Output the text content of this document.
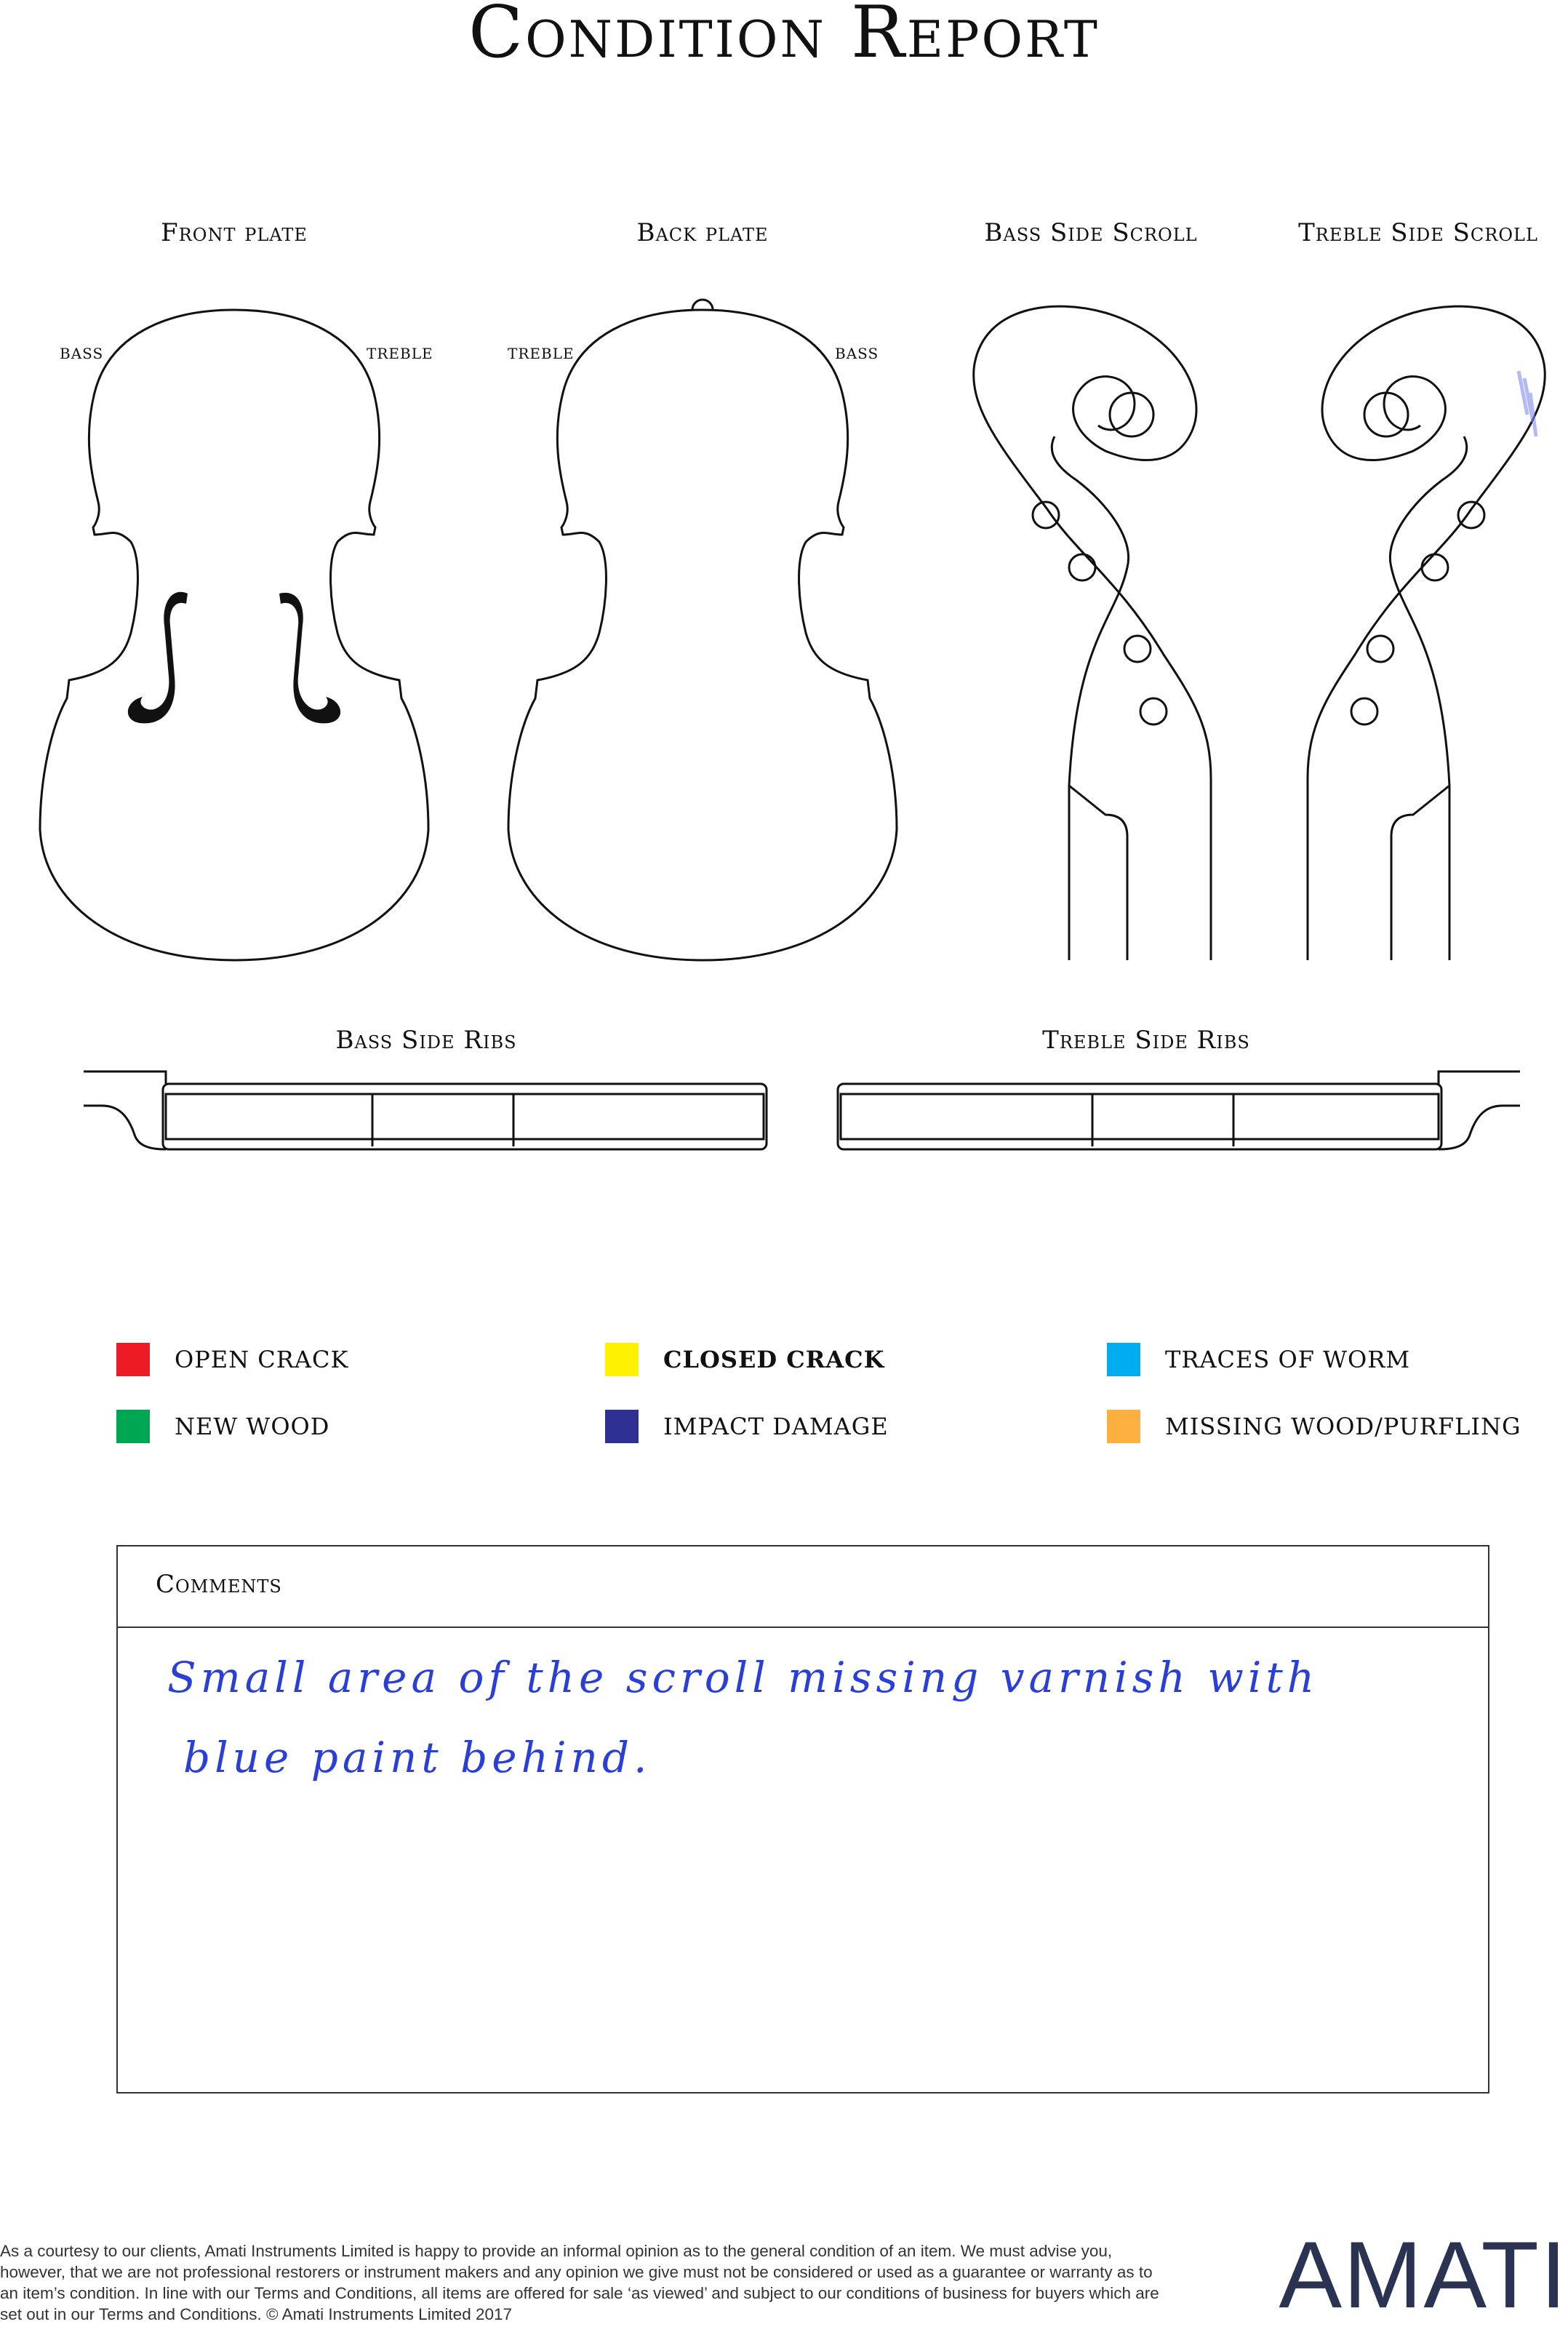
Condition Report
Front plate	Back plate	Bass Side Scroll	Treble Side Scroll
Bass Side Ribs	Treble Side Ribs
BASS	TREBLE	TREBLE	BASS
OPEN CRACK	CLOSED CRACK	TRACES OF WORM
NEW WOOD	IMPACT DAMAGE	MISSING WOOD/PURFLING
Comments
Small area of the scroll missing varnish with
blue paint behind.
As a courtesy to our clients, Amati Instruments Limited is happy to provide an informal opinion as to the general condition of an item. We must advise you, however, that we are not professional restorers or instrument makers and any opinion we give must not be considered or used as a guarantee or warranty as to an item’s condition. In line with our Terms and Conditions, all items are offered for sale ‘as viewed’ and subject to our conditions of business for buyers which are set out in our Terms and Conditions. © Amati Instruments Limited 2017	AMATI
